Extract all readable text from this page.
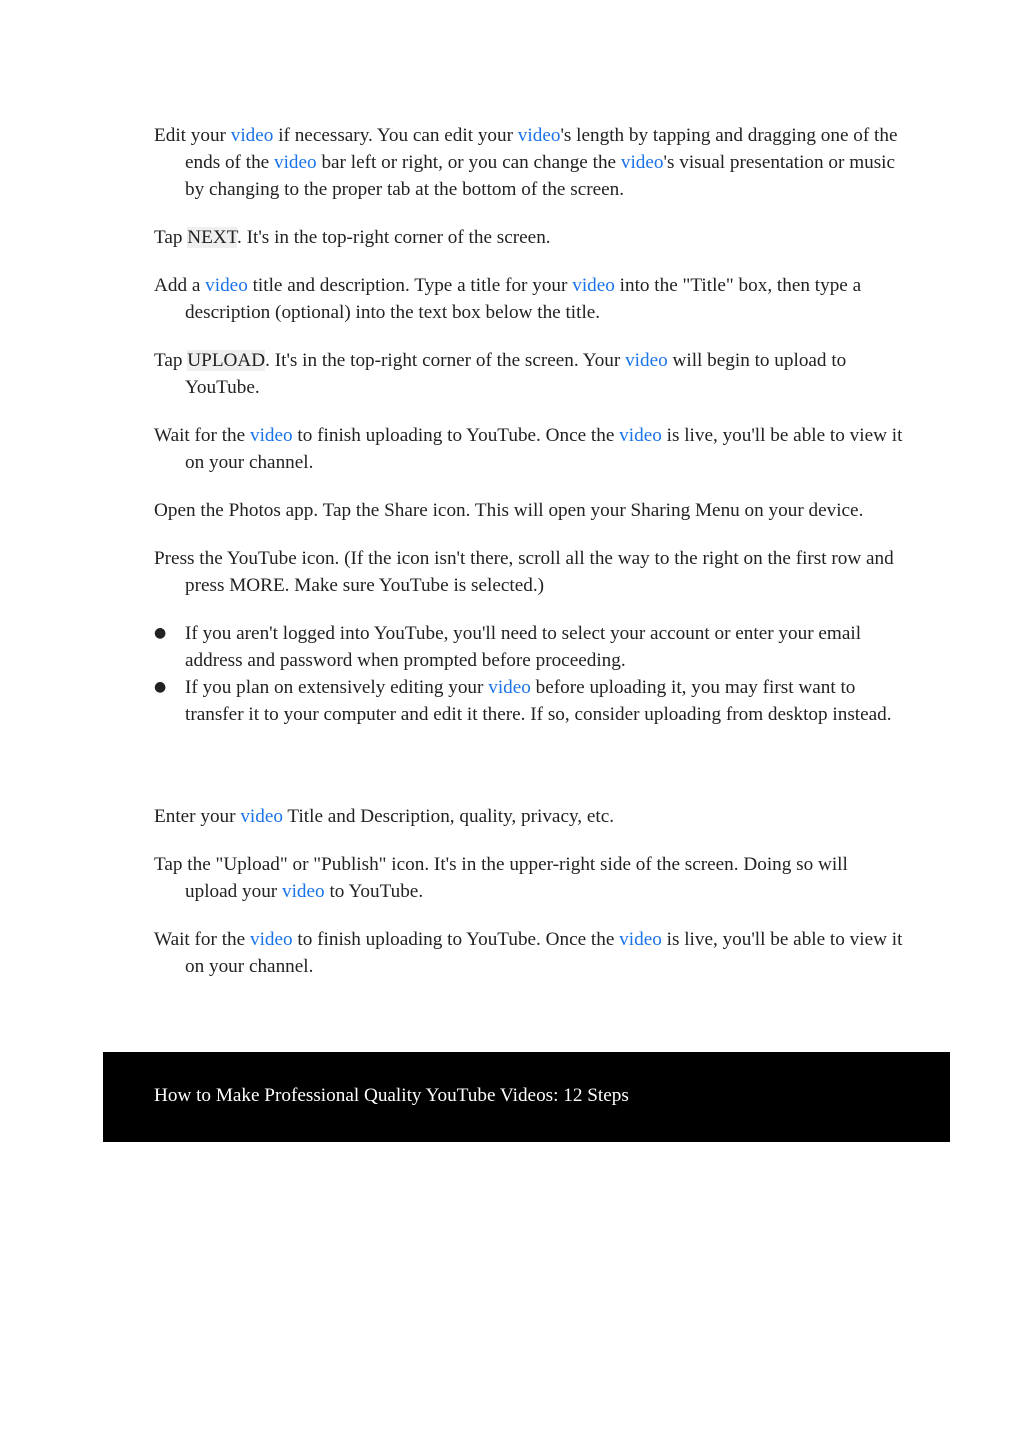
Edit your video if necessary. You can edit your video's length by tapping and dragging one of the ends of the video bar left or right, or you can change the video's visual presentation or music by changing to the proper tab at the bottom of the screen.

Tap NEXT. It's in the top-right corner of the screen.

Add a video title and description. Type a title for your video into the "Title" box, then type a description (optional) into the text box below the title.

Tap UPLOAD. It's in the top-right corner of the screen. Your video will begin to upload to YouTube.

Wait for the video to finish uploading to YouTube. Once the video is live, you'll be able to view it on your channel.

Open the Photos app. Tap the Share icon. This will open your Sharing Menu on your device.

Press the YouTube icon. (If the icon isn't there, scroll all the way to the right on the first row and press MORE. Make sure YouTube is selected.)

● If you aren't logged into YouTube, you'll need to select your account or enter your email address and password when prompted before proceeding.
● If you plan on extensively editing your video before uploading it, you may first want to transfer it to your computer and edit it there. If so, consider uploading from desktop instead.

Enter your video Title and Description, quality, privacy, etc.

Tap the "Upload" or "Publish" icon. It's in the upper-right side of the screen. Doing so will upload your video to YouTube.

Wait for the video to finish uploading to YouTube. Once the video is live, you'll be able to view it on your channel.

How to Make Professional Quality YouTube Videos: 12 Steps
